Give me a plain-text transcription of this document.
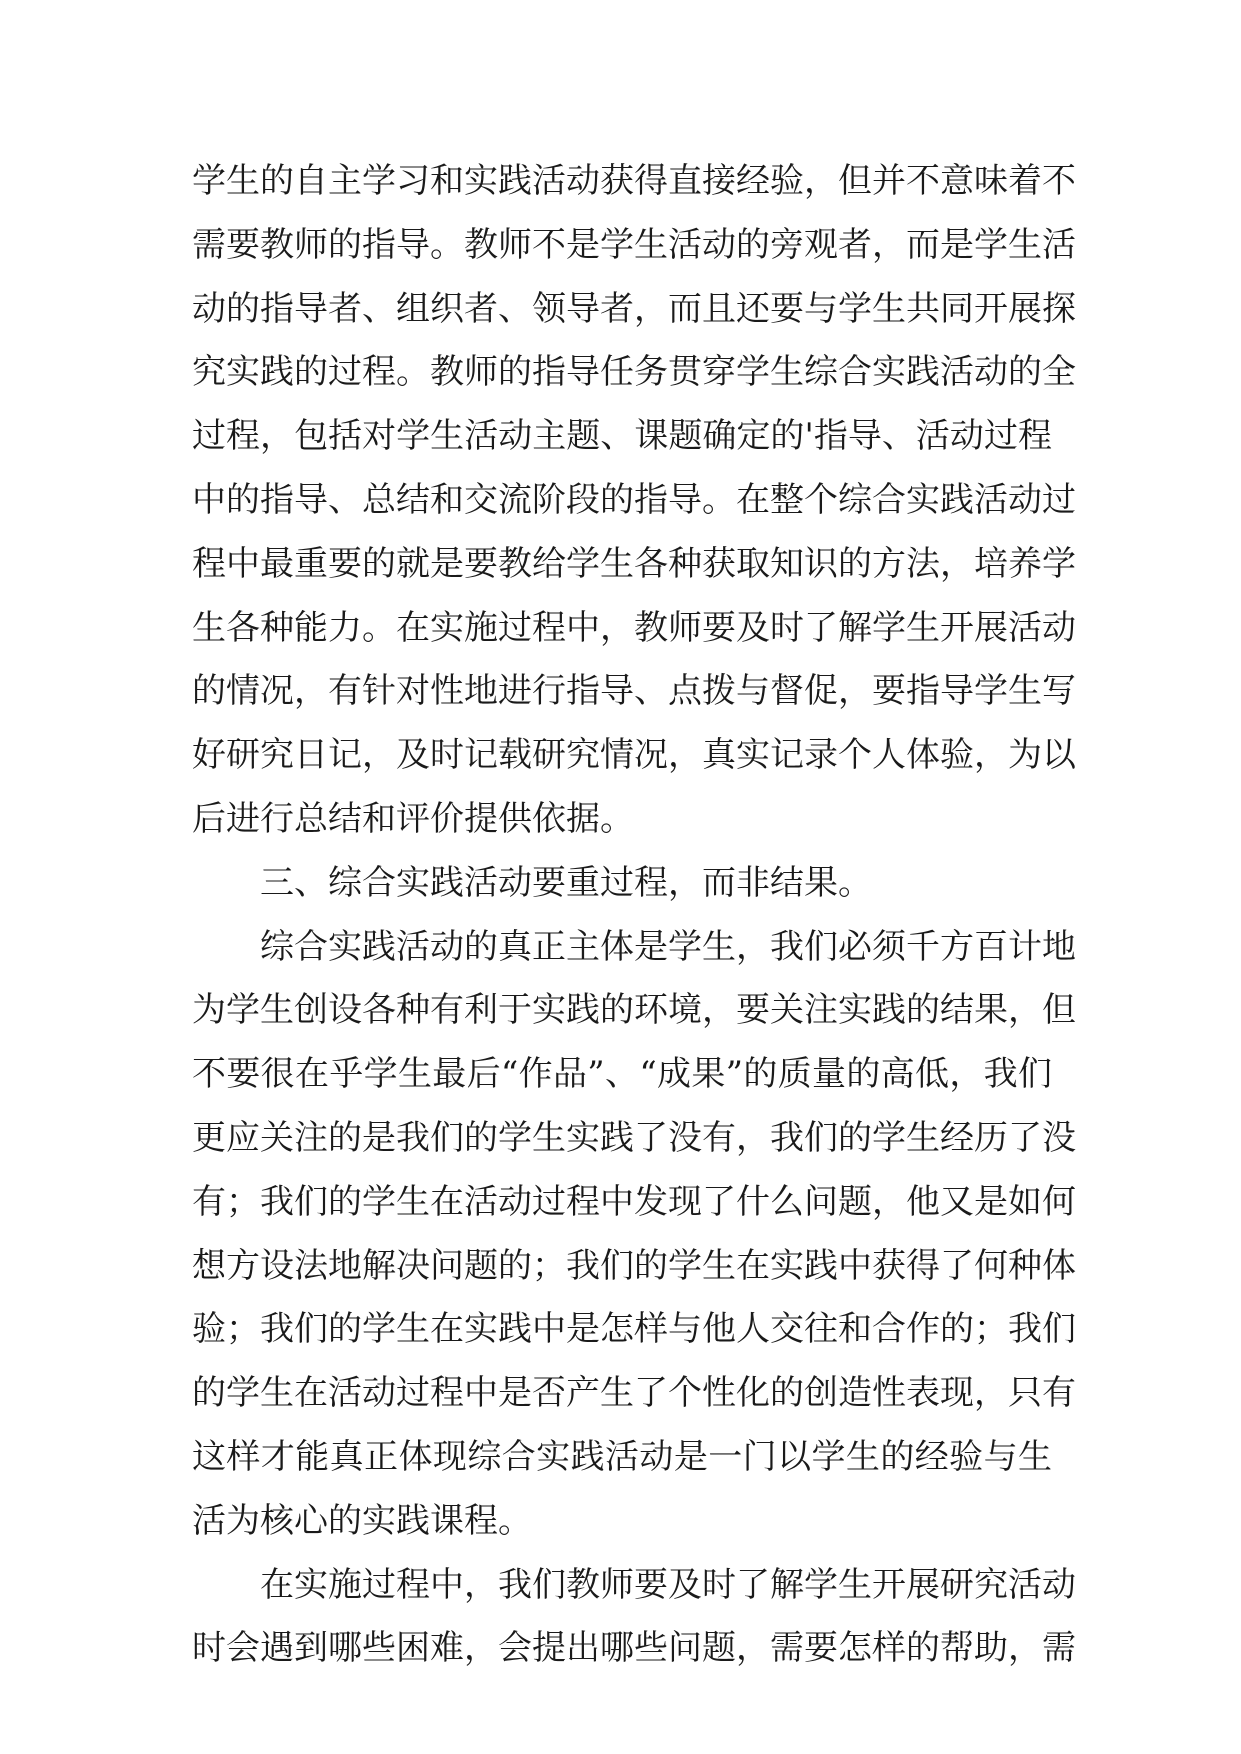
学生的自主学习和实践活动获得直接经验，但并不意味着不
需要教师的指导。教师不是学生活动的旁观者，而是学生活
动的指导者、组织者、领导者，而且还要与学生共同开展探
究实践的过程。教师的指导任务贯穿学生综合实践活动的全
过程，包括对学生活动主题、课题确定的'指导、活动过程
中的指导、总结和交流阶段的指导。在整个综合实践活动过
程中最重要的就是要教给学生各种获取知识的方法，培养学
生各种能力。在实施过程中，教师要及时了解学生开展活动
的情况，有针对性地进行指导、点拨与督促，要指导学生写
好研究日记，及时记载研究情况，真实记录个人体验，为以
后进行总结和评价提供依据。
三、综合实践活动要重过程，而非结果。
综合实践活动的真正主体是学生，我们必须千方百计地
为学生创设各种有利于实践的环境，要关注实践的结果，但
不要很在乎学生最后“作品”、“成果”的质量的高低，我们
更应关注的是我们的学生实践了没有，我们的学生经历了没
有；我们的学生在活动过程中发现了什么问题，他又是如何
想方设法地解决问题的；我们的学生在实践中获得了何种体
验；我们的学生在实践中是怎样与他人交往和合作的；我们
的学生在活动过程中是否产生了个性化的创造性表现，只有
这样才能真正体现综合实践活动是一门以学生的经验与生
活为核心的实践课程。
在实施过程中，我们教师要及时了解学生开展研究活动
时会遇到哪些困难，会提出哪些问题，需要怎样的帮助，需
